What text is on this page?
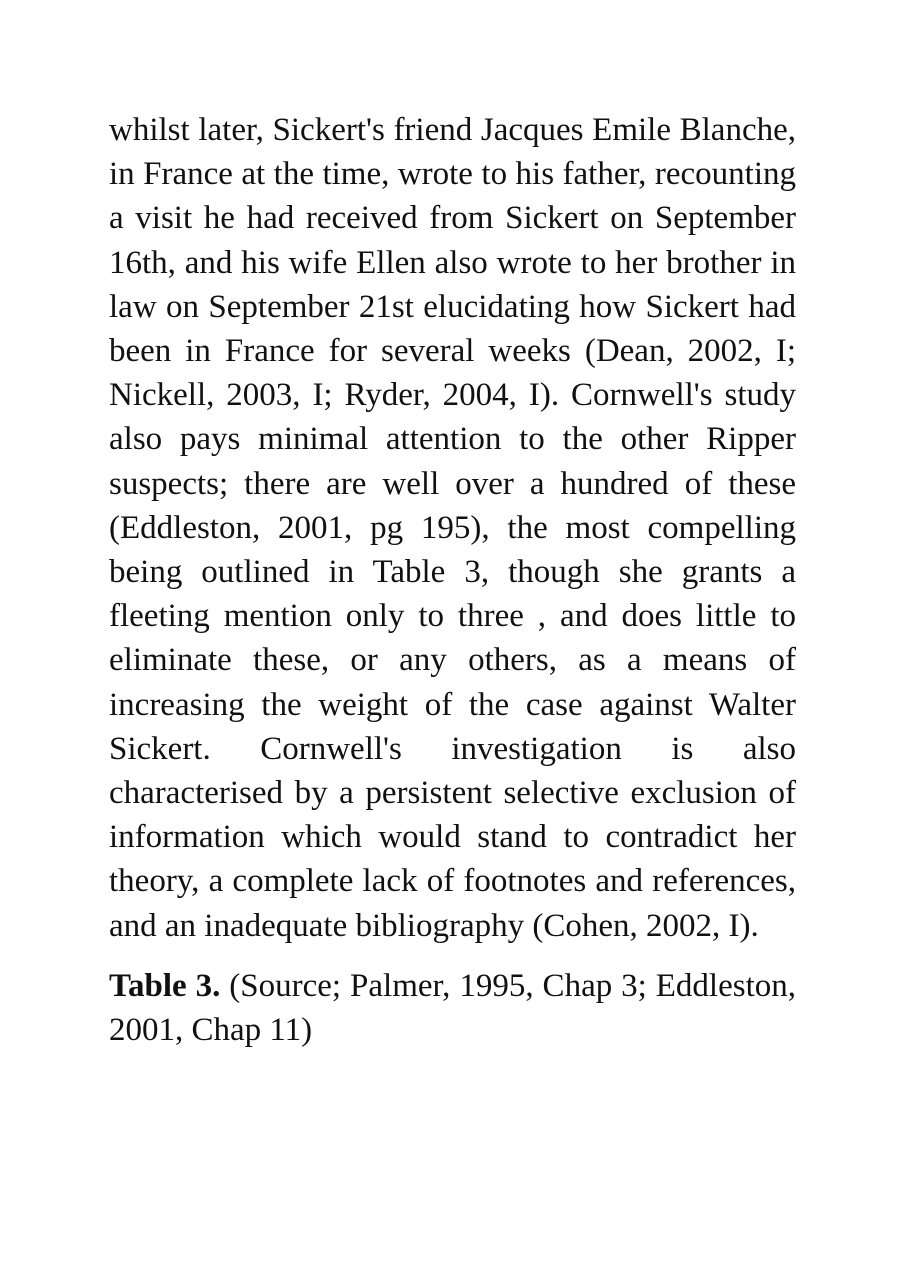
whilst later, Sickert's friend Jacques Emile Blanche, in France at the time, wrote to his father, recounting a visit he had received from Sickert on September 16th, and his wife Ellen also wrote to her brother in law on September 21st elucidating how Sickert had been in France for several weeks (Dean, 2002, I; Nickell, 2003, I; Ryder, 2004, I). Cornwell's study also pays minimal attention to the other Ripper suspects; there are well over a hundred of these (Eddleston, 2001, pg 195), the most compelling being outlined in Table 3, though she grants a fleeting mention only to three , and does little to eliminate these, or any others, as a means of increasing the weight of the case against Walter Sickert. Cornwell's investigation is also characterised by a persistent selective exclusion of information which would stand to contradict her theory, a complete lack of footnotes and references, and an inadequate bibliography (Cohen, 2002, I).

Table 3. (Source; Palmer, 1995, Chap 3; Eddleston, 2001, Chap 11)
